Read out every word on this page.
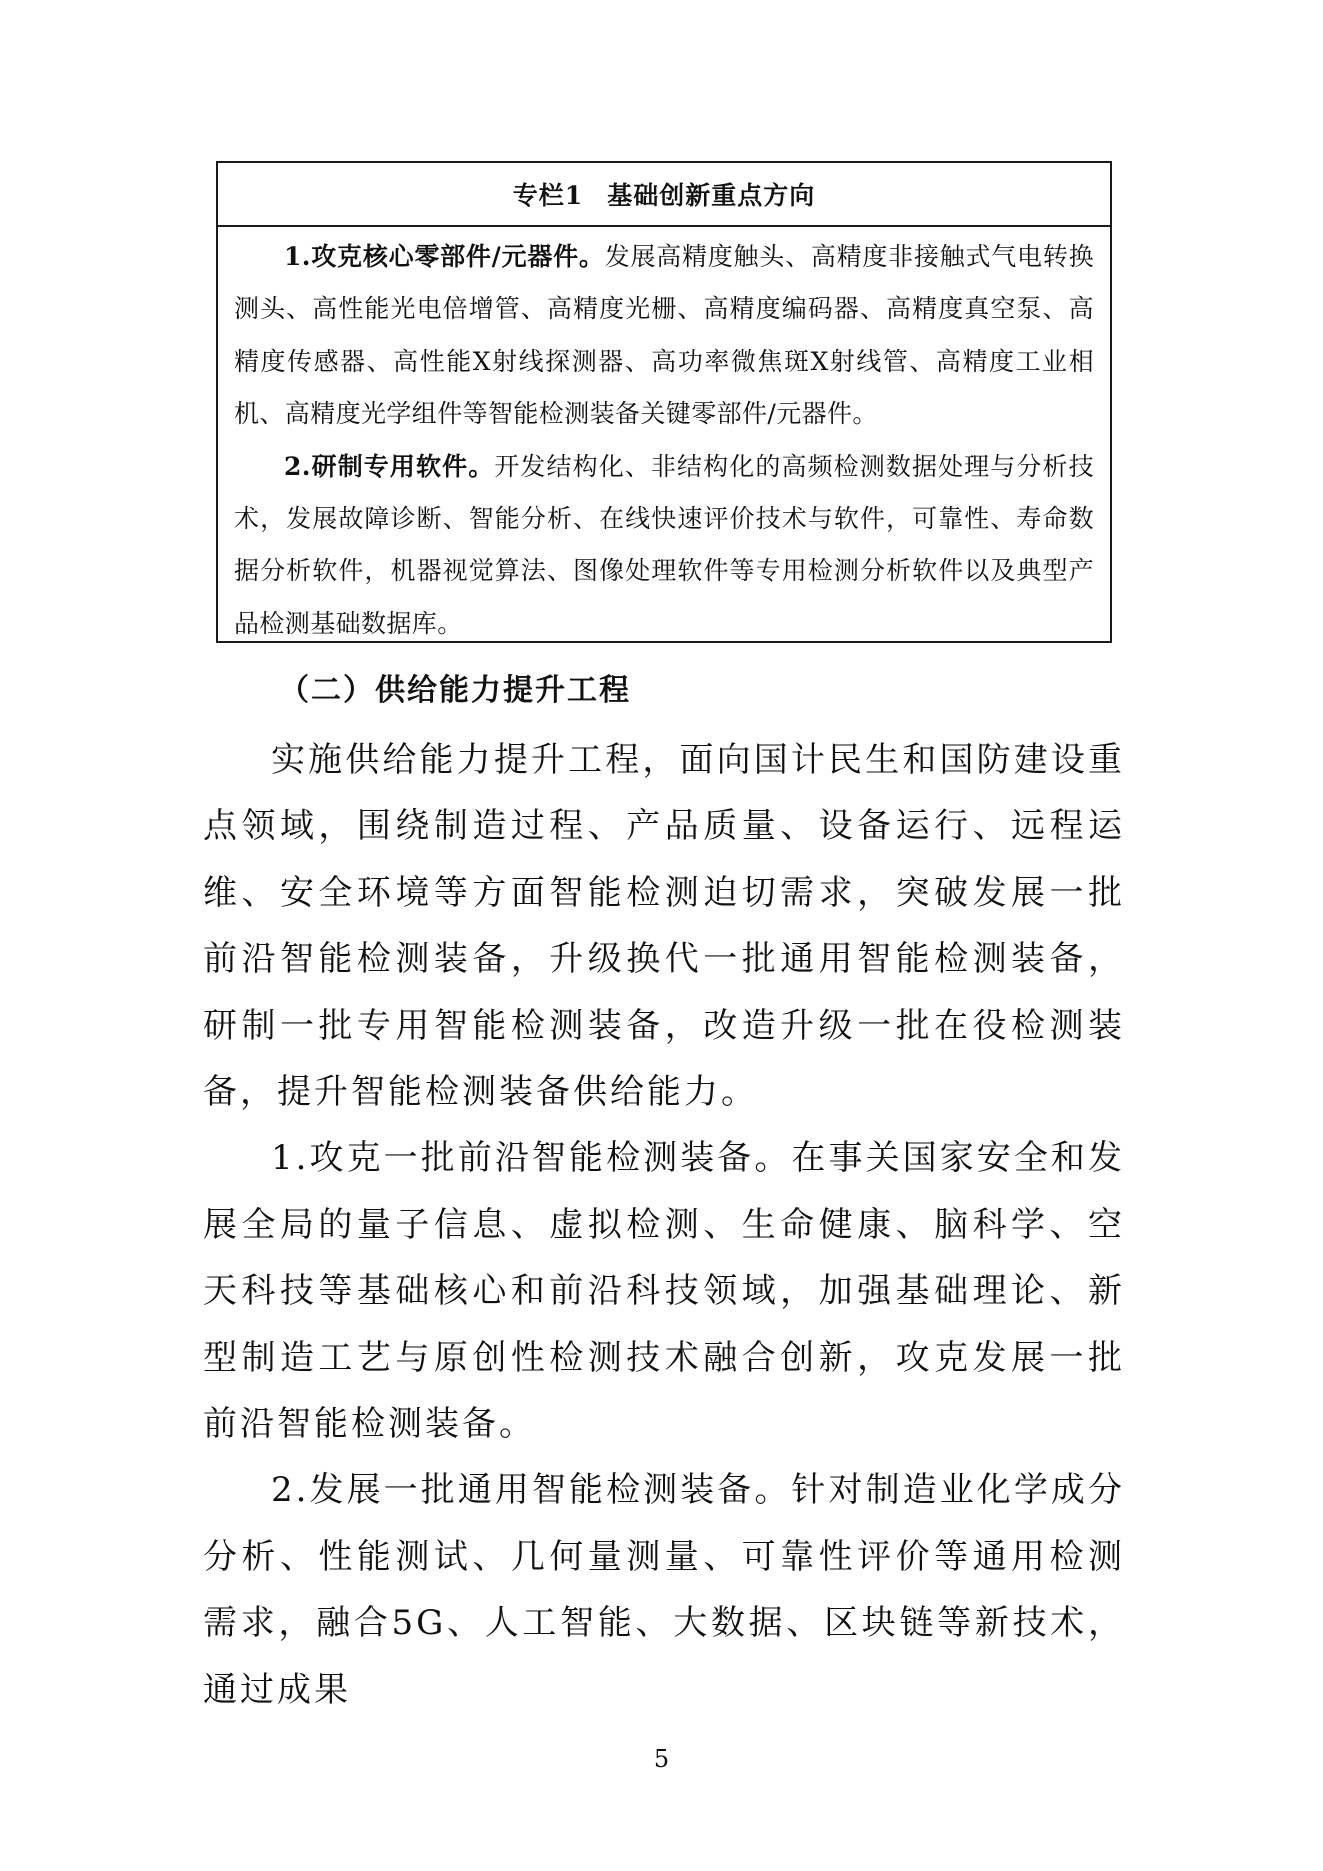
专栏1 基础创新重点方向

1.攻克核心零部件/元器件。发展高精度触头、高精度非接触式气电转换测头、高性能光电倍增管、高精度光栅、高精度编码器、高精度真空泵、高精度传感器、高性能X射线探测器、高功率微焦斑X射线管、高精度工业相机、高精度光学组件等智能检测装备关键零部件/元器件。

2.研制专用软件。开发结构化、非结构化的高频检测数据处理与分析技术，发展故障诊断、智能分析、在线快速评价技术与软件，可靠性、寿命数据分析软件，机器视觉算法、图像处理软件等专用检测分析软件以及典型产品检测基础数据库。

（二）供给能力提升工程

实施供给能力提升工程，面向国计民生和国防建设重点领域，围绕制造过程、产品质量、设备运行、远程运维、安全环境等方面智能检测迫切需求，突破发展一批前沿智能检测装备，升级换代一批通用智能检测装备，研制一批专用智能检测装备，改造升级一批在役检测装备，提升智能检测装备供给能力。

1.攻克一批前沿智能检测装备。在事关国家安全和发展全局的量子信息、虚拟检测、生命健康、脑科学、空天科技等基础核心和前沿科技领域，加强基础理论、新型制造工艺与原创性检测技术融合创新，攻克发展一批前沿智能检测装备。

2.发展一批通用智能检测装备。针对制造业化学成分分析、性能测试、几何量测量、可靠性评价等通用检测需求，融合5G、人工智能、大数据、区块链等新技术，通过成果

5
